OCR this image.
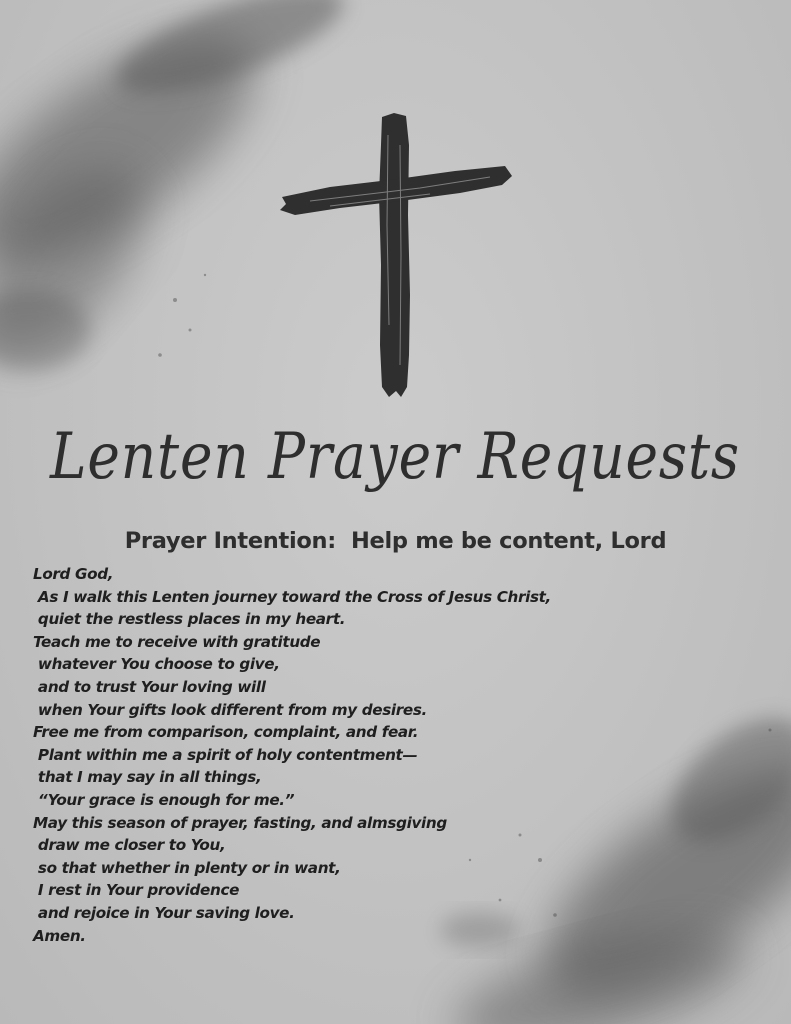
Lenten Prayer Requests
Prayer Intention:  Help me be content, Lord
Lord God,
As I walk this Lenten journey toward the Cross of Jesus Christ,
quiet the restless places in my heart.
Teach me to receive with gratitude
whatever You choose to give,
and to trust Your loving will
when Your gifts look different from my desires.
Free me from comparison, complaint, and fear.
Plant within me a spirit of holy contentment—
that I may say in all things,
“Your grace is enough for me.”
May this season of prayer, fasting, and almsgiving
draw me closer to You,
so that whether in plenty or in want,
I rest in Your providence
and rejoice in Your saving love.
Amen.
